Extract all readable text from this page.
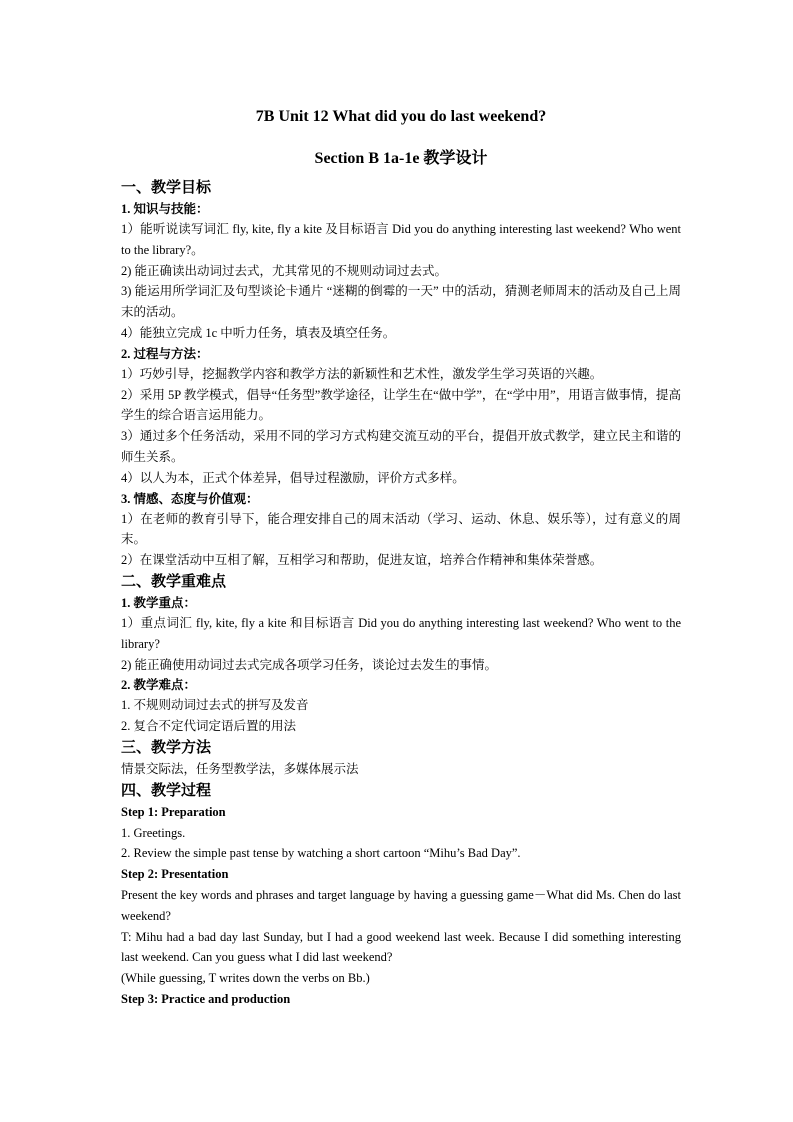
7B Unit 12 What did you do last weekend?

Section B 1a-1e 教学设计

一、教学目标

1. 知识与技能：

1）能听说读写词汇 fly, kite, fly a kite 及目标语言 Did you do anything interesting last weekend? Who went to the library?。

2) 能正确读出动词过去式，尤其常见的不规则动词过去式。

3) 能运用所学词汇及句型谈论卡通片 “迷糊的倒霉的一天” 中的活动，猜测老师周末的活动及自己上周末的活动。

4）能独立完成 1c 中听力任务，填表及填空任务。

2. 过程与方法：

1）巧妙引导，挖掘教学内容和教学方法的新颖性和艺术性，激发学生学习英语的兴趣。

2）采用 5P 教学模式，倡导“任务型”教学途径，让学生在“做中学”，在“学中用”，用语言做事情，提高学生的综合语言运用能力。

3）通过多个任务活动，采用不同的学习方式构建交流互动的平台，提倡开放式教学，建立民主和谐的师生关系。

4）以人为本，正式个体差异，倡导过程激励，评价方式多样。

3. 情感、态度与价值观：

1）在老师的教育引导下，能合理安排自己的周末活动（学习、运动、休息、娱乐等），过有意义的周末。

2）在课堂活动中互相了解，互相学习和帮助，促进友谊，培养合作精神和集体荣誉感。

二、教学重难点

1. 教学重点：

1）重点词汇 fly, kite, fly a kite 和目标语言 Did you do anything interesting last weekend? Who went to the library?

2) 能正确使用动词过去式完成各项学习任务，谈论过去发生的事情。

2. 教学难点：

1. 不规则动词过去式的拼写及发音

2. 复合不定代词定语后置的用法

三、教学方法

情景交际法，任务型教学法，多媒体展示法

四、教学过程

Step 1: Preparation

1. Greetings.

2. Review the simple past tense by watching a short cartoon “Mihu’s Bad Day”.

Step 2: Presentation

Present the key words and phrases and target language by having a guessing game－What did Ms. Chen do last weekend?

T: Mihu had a bad day last Sunday, but I had a good weekend last week. Because I did something interesting last weekend. Can you guess what I did last weekend?

(While guessing, T writes down the verbs on Bb.)

Step 3: Practice and production
